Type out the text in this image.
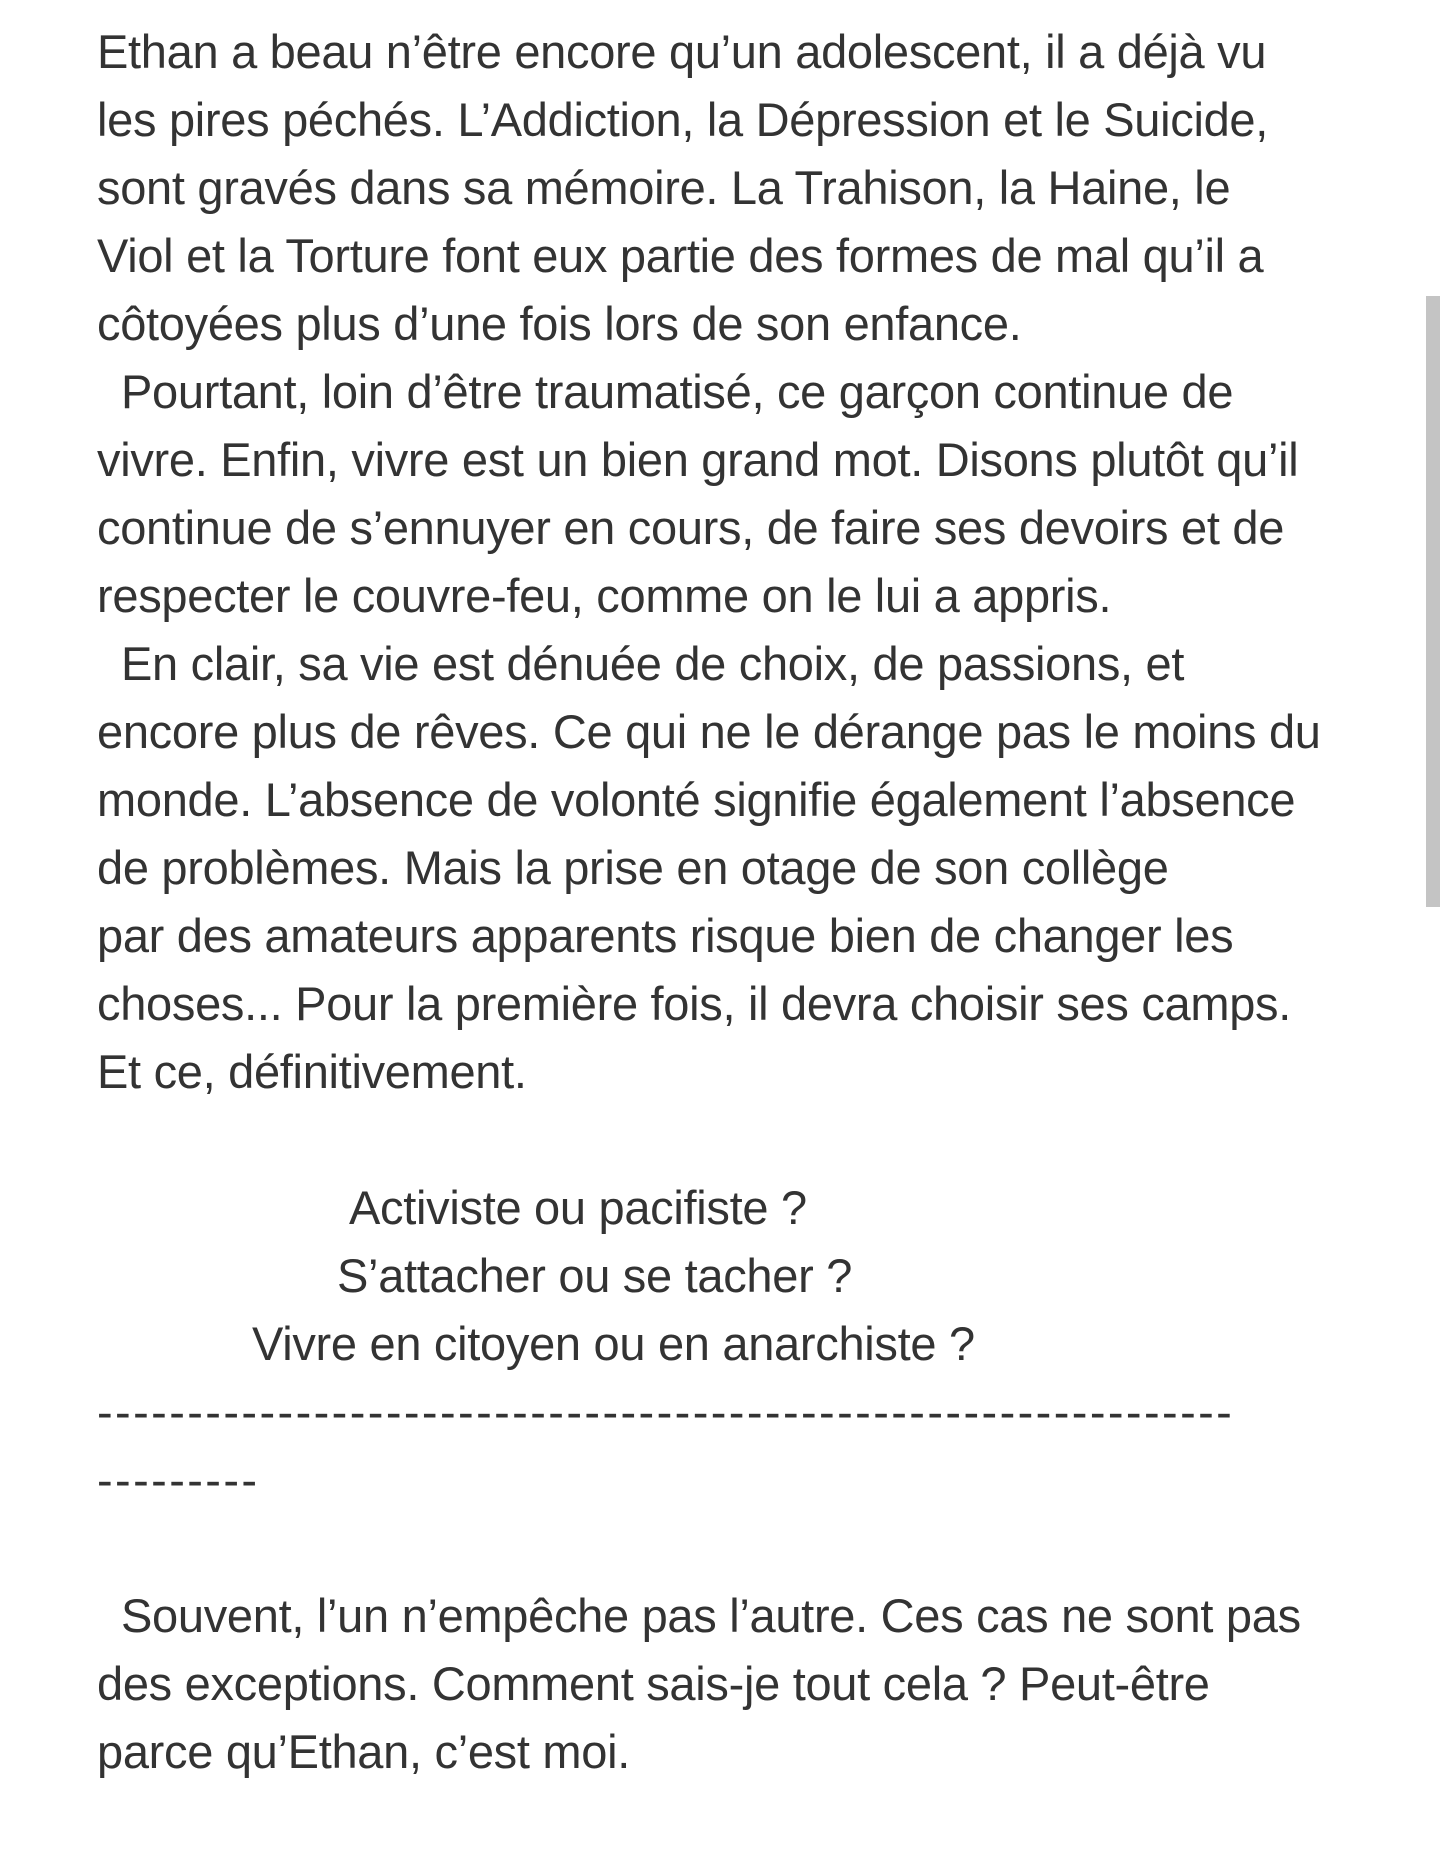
Ethan a beau n’être encore qu’un adolescent, il a déjà vu
les pires péchés. L’Addiction, la Dépression et le Suicide,
sont gravés dans sa mémoire. La Trahison, la Haine, le
Viol et la Torture font eux partie des formes de mal qu’il a
côtoyées plus d’une fois lors de son enfance.
Pourtant, loin d’être traumatisé, ce garçon continue de
vivre. Enfin, vivre est un bien grand mot. Disons plutôt qu’il
continue de s’ennuyer en cours, de faire ses devoirs et de
respecter le couvre-feu, comme on le lui a appris.
En clair, sa vie est dénuée de choix, de passions, et
encore plus de rêves. Ce qui ne le dérange pas le moins du
monde. L’absence de volonté signifie également l’absence
de problèmes. Mais la prise en otage de son collège
par des amateurs apparents risque bien de changer les
choses... Pour la première fois, il devra choisir ses camps.
Et ce, définitivement.
Activiste ou pacifiste ?
S’attacher ou se tacher ?
Vivre en citoyen ou en anarchiste ?
---------------------------------------------------------------
---------
Souvent, l’un n’empêche pas l’autre. Ces cas ne sont pas
des exceptions. Comment sais-je tout cela ? Peut-être
parce qu’Ethan, c’est moi.
